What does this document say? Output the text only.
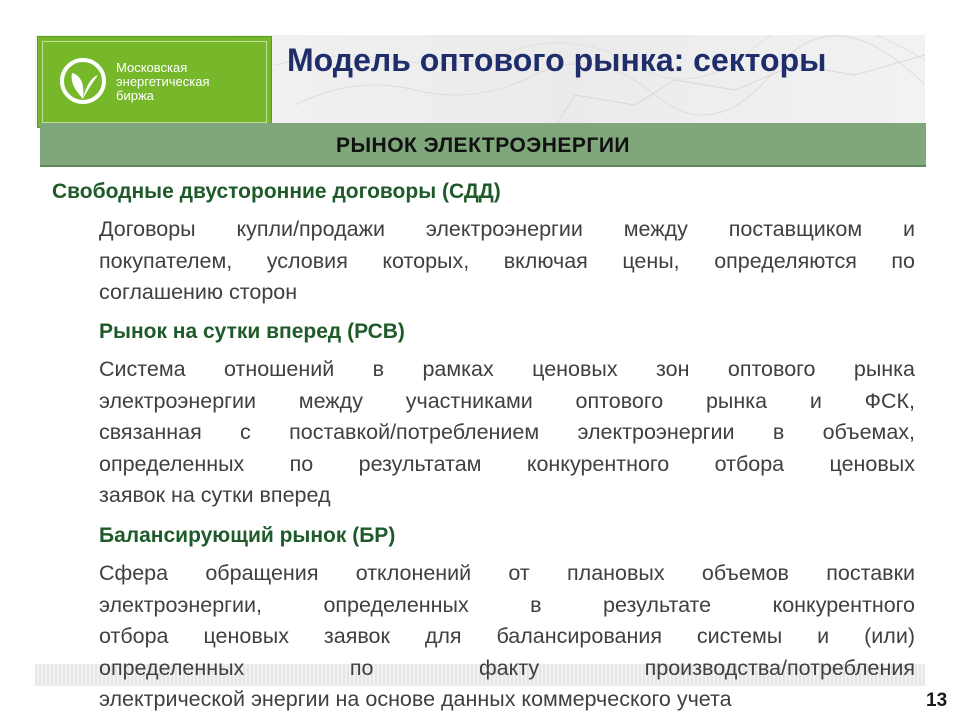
Московская
энергетическая
биржа
Модель оптового рынка: секторы
РЫНОК ЭЛЕКТРОЭНЕРГИИ
Свободные двусторонние договоры (СДД)
Договоры купли/продажи электроэнергии между поставщиком и
покупателем, условия которых, включая цены, определяются по
соглашению сторон
Рынок на сутки вперед (РСВ)
Система отношений в рамках ценовых зон оптового рынка
электроэнергии между участниками оптового рынка и ФСК,
связанная с поставкой/потреблением электроэнергии в объемах,
определенных по результатам конкурентного отбора ценовых
заявок на сутки вперед
Балансирующий рынок (БР)
Сфера обращения отклонений от плановых объемов поставки
электроэнергии, определенных в результате конкурентного
отбора ценовых заявок для балансирования системы и (или)
определенных по факту производства/потребления
электрической энергии на основе данных коммерческого учета	13
